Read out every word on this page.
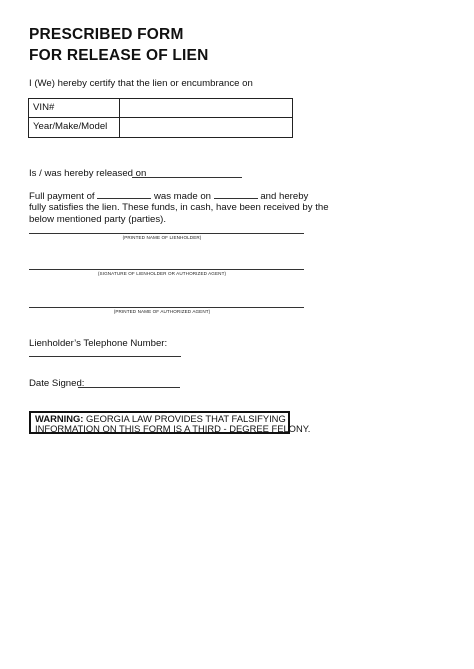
PRESCRIBED FORM
FOR RELEASE OF LIEN
I (We) hereby certify that the lien or encumbrance on
VIN#
Year/Make/Model
Is / was hereby released on
Full payment of	was made on	and hereby
fully satisfies the lien. These funds, in cash, have been received by the
below mentioned party (parties).
(PRINTED NAME OF LIENHOLDER)
(SIGNATURE OF LIENHOLDER OR AUTHORIZED AGENT)
(PRINTED NAME OF AUTHORIZED AGENT)
Lienholder’s Telephone Number:
Date Signed:
WARNING: GEORGIA LAW PROVIDES THAT FALSIFYING
INFORMATION ON THIS FORM IS A THIRD - DEGREE FELONY.
